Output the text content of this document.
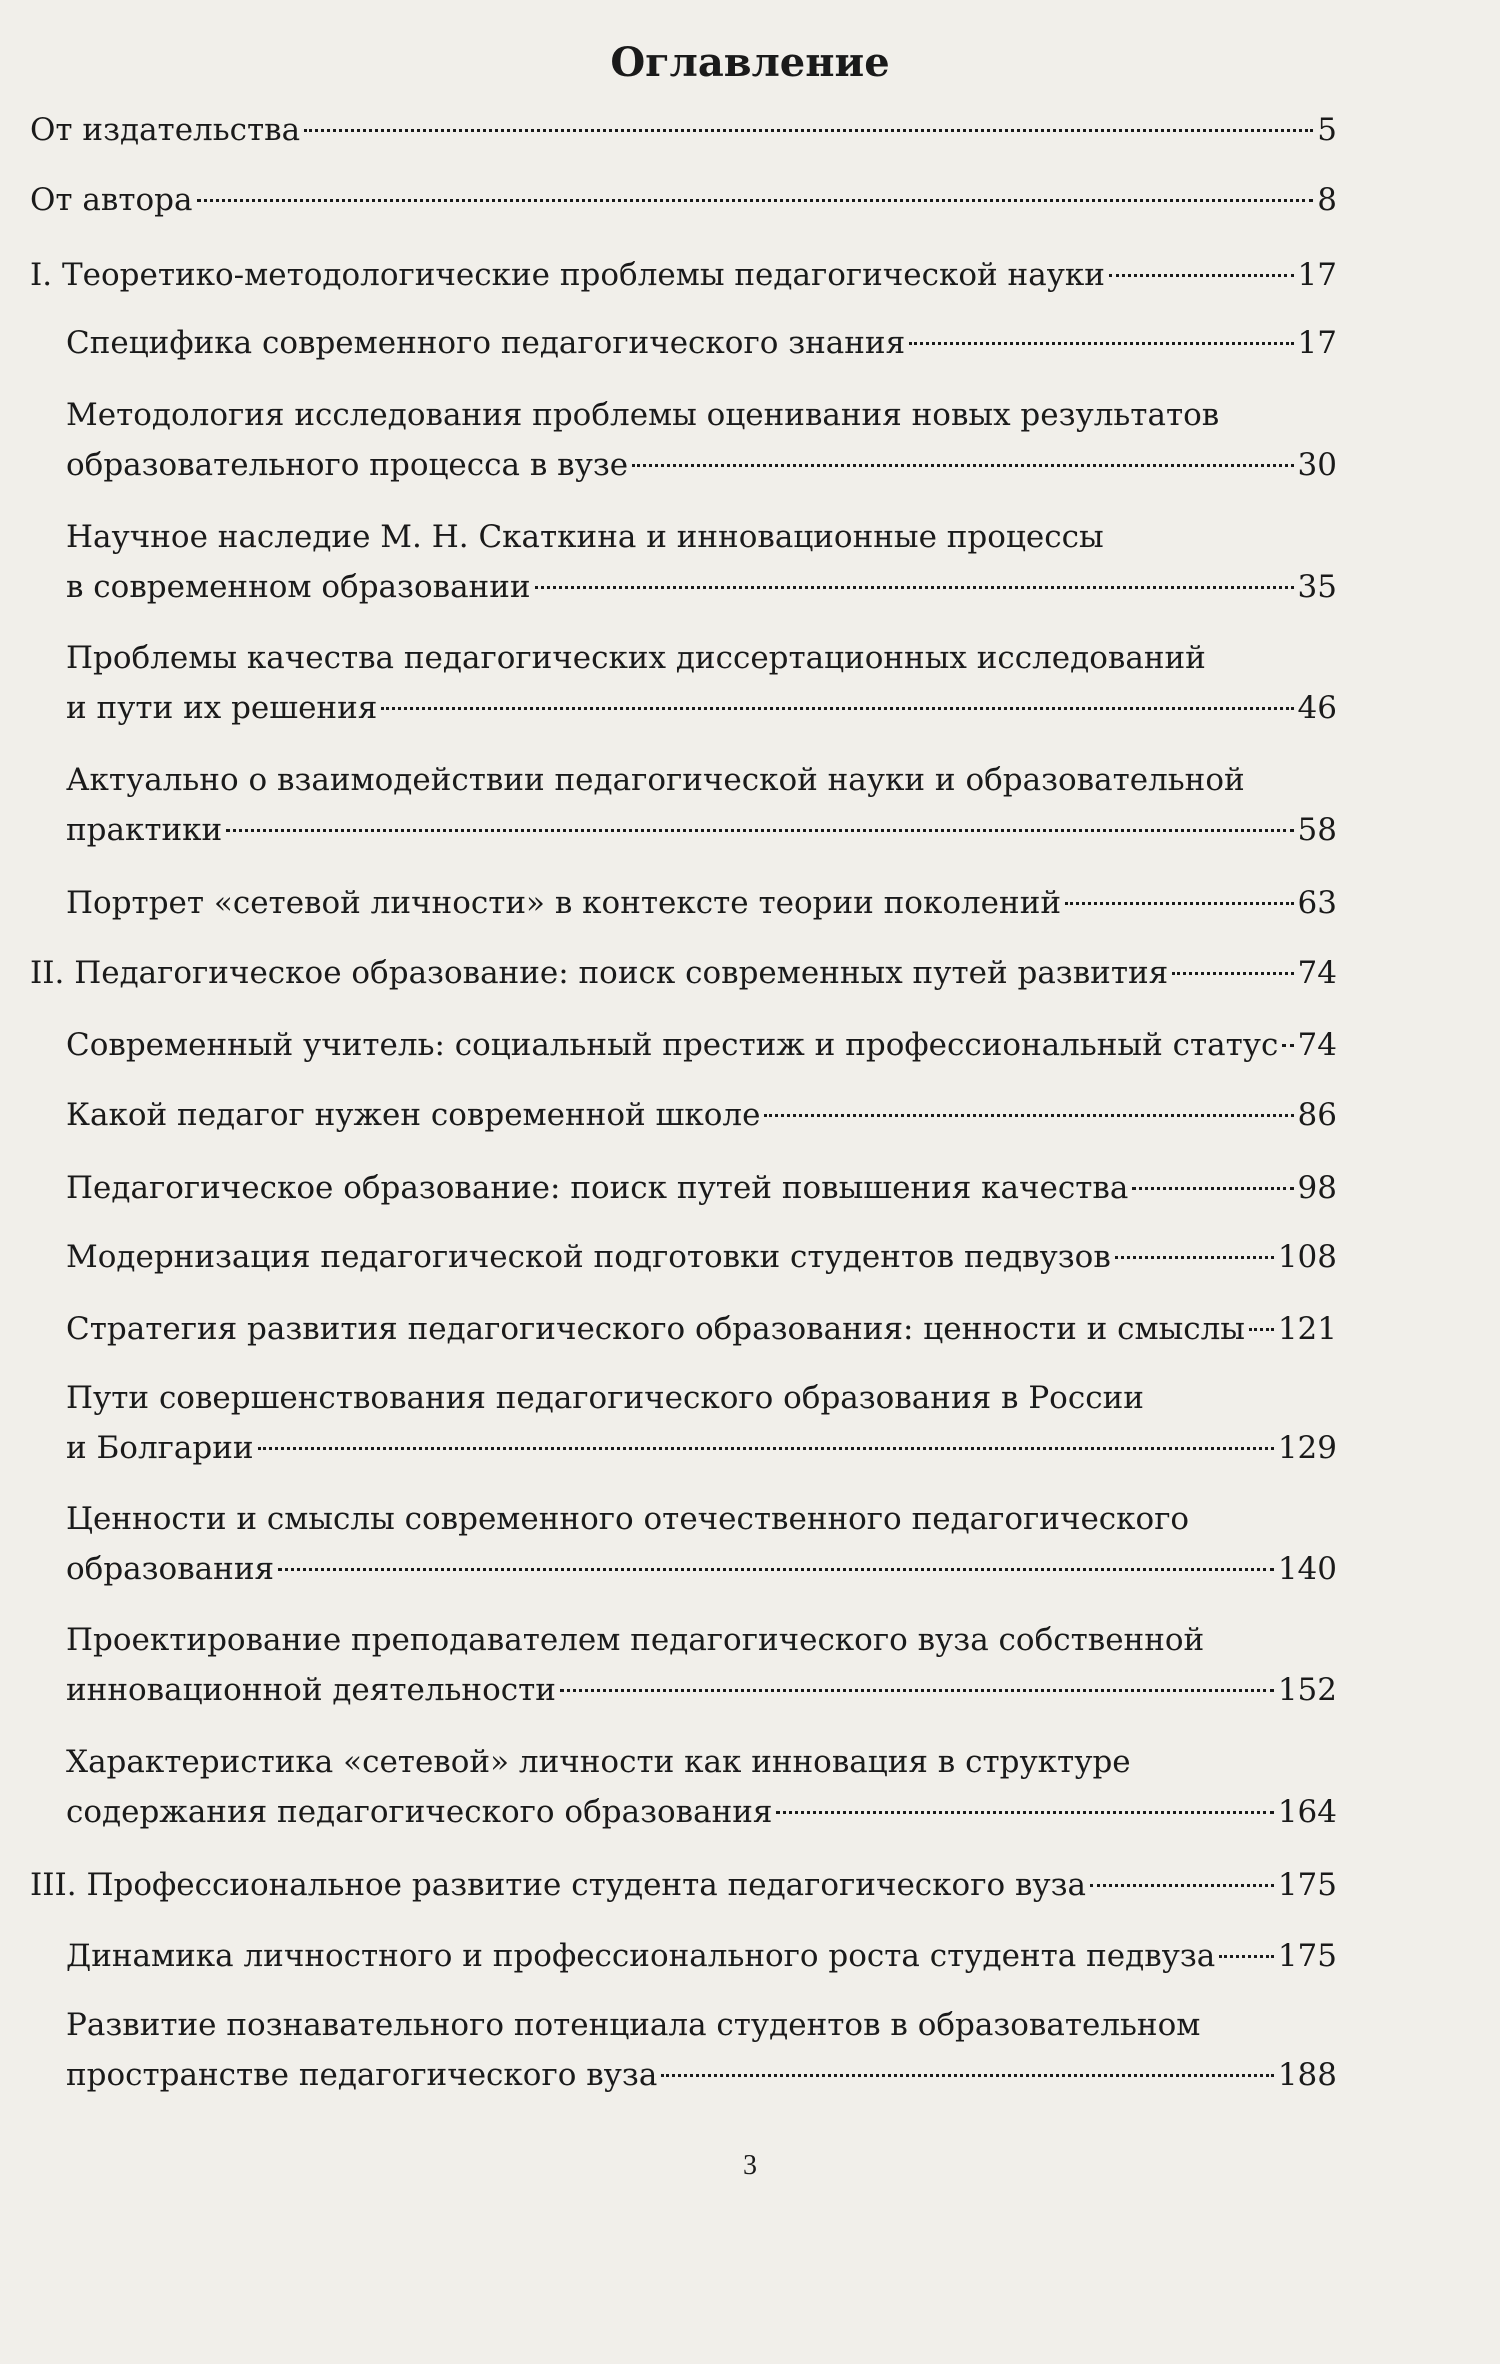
Оглавление
От издательства	5
От автора	8
I. Теоретико-методологические проблемы педагогической науки	17
Специфика современного педагогического знания	17
Методология исследования проблемы оценивания новых результатов
образовательного процесса в вузе	30
Научное наследие М. Н. Скаткина и инновационные процессы
в современном образовании	35
Проблемы качества педагогических диссертационных исследований
и пути их решения	46
Актуально о взаимодействии педагогической науки и образовательной
практики	58
Портрет «сетевой личности» в контексте теории поколений	63
II. Педагогическое образование: поиск современных путей развития	74
Современный учитель: социальный престиж и профессиональный статус 74
Какой педагог нужен современной школе	86
Педагогическое образование: поиск путей повышения качества	98
Модернизация педагогической подготовки студентов педвузов	108
Стратегия развития педагогического образования: ценности и смыслы 121
Пути совершенствования педагогического образования в России
и Болгарии	129
Ценности и смыслы современного отечественного педагогического
образования	140
Проектирование преподавателем педагогического вуза собственной
инновационной деятельности	152
Характеристика «сетевой» личности как инновация в структуре
содержания педагогического образования	164
III. Профессиональное развитие студента педагогического вуза	175
Динамика личностного и профессионального роста студента педвуза 175
Развитие познавательного потенциала студентов в образовательном
пространстве педагогического вуза	188
3
